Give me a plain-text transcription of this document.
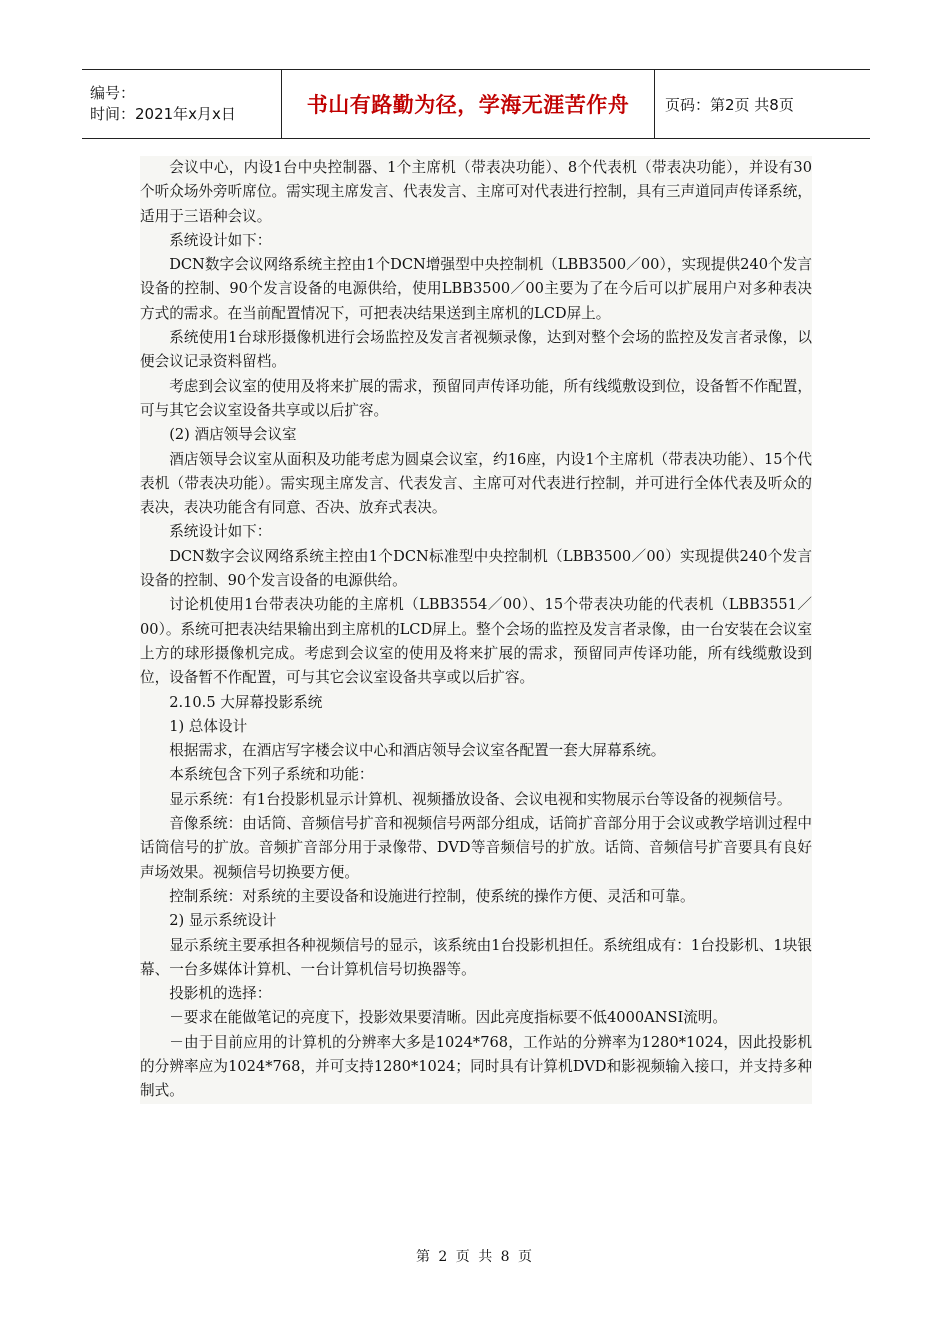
编号：
时间：2021年x月x日	书山有路勤为径，学海无涯苦作舟 页码：第2页 共8页

会议中心，内设1台中央控制器、1个主席机（带表决功能）、8个代表机（带表决功能），并设有30个听众场外旁听席位。需实现主席发言、代表发言、主席可对代表进行控制，具有三声道同声传译系统，适用于三语种会议。

系统设计如下：

DCN数字会议网络系统主控由1个DCN增强型中央控制机（LBB3500／00），实现提供240个发言设备的控制、90个发言设备的电源供给，使用LBB3500／00主要为了在今后可以扩展用户对多种表决方式的需求。在当前配置情况下，可把表决结果送到主席机的LCD屏上。

系统使用1台球形摄像机进行会场监控及发言者视频录像，达到对整个会场的监控及发言者录像，以便会议记录资料留档。

考虑到会议室的使用及将来扩展的需求，预留同声传译功能，所有线缆敷设到位，设备暂不作配置，可与其它会议室设备共享或以后扩容。

(2) 酒店领导会议室

酒店领导会议室从面积及功能考虑为圆桌会议室，约16座，内设1个主席机（带表决功能）、15个代表机（带表决功能）。需实现主席发言、代表发言、主席可对代表进行控制，并可进行全体代表及听众的表决，表决功能含有同意、否决、放弃式表决。

系统设计如下：

DCN数字会议网络系统主控由1个DCN标准型中央控制机（LBB3500／00）实现提供240个发言设备的控制、90个发言设备的电源供给。

讨论机使用1台带表决功能的主席机（LBB3554／00）、15个带表决功能的代表机（LBB3551／00）。系统可把表决结果输出到主席机的LCD屏上。整个会场的监控及发言者录像，由一台安装在会议室上方的球形摄像机完成。考虑到会议室的使用及将来扩展的需求，预留同声传译功能，所有线缆敷设到位，设备暂不作配置，可与其它会议室设备共享或以后扩容。

2.10.5 大屏幕投影系统

1) 总体设计

根据需求，在酒店写字楼会议中心和酒店领导会议室各配置一套大屏幕系统。

本系统包含下列子系统和功能：

显示系统：有1台投影机显示计算机、视频播放设备、会议电视和实物展示台等设备的视频信号。

音像系统：由话筒、音频信号扩音和视频信号两部分组成，话筒扩音部分用于会议或教学培训过程中话筒信号的扩放。音频扩音部分用于录像带、DVD等音频信号的扩放。话筒、音频信号扩音要具有良好声场效果。视频信号切换要方便。

控制系统：对系统的主要设备和设施进行控制，使系统的操作方便、灵活和可靠。

2) 显示系统设计

显示系统主要承担各种视频信号的显示，该系统由1台投影机担任。系统组成有：1台投影机、1块银幕、一台多媒体计算机、一台计算机信号切换器等。

投影机的选择：

－要求在能做笔记的亮度下，投影效果要清晰。因此亮度指标要不低4000ANSI流明。

－由于目前应用的计算机的分辨率大多是1024*768，工作站的分辨率为1280*1024，因此投影机的分辨率应为1024*768，并可支持1280*1024；同时具有计算机DVD和影视频输入接口，并支持多种制式。

第 2 页 共 8 页
